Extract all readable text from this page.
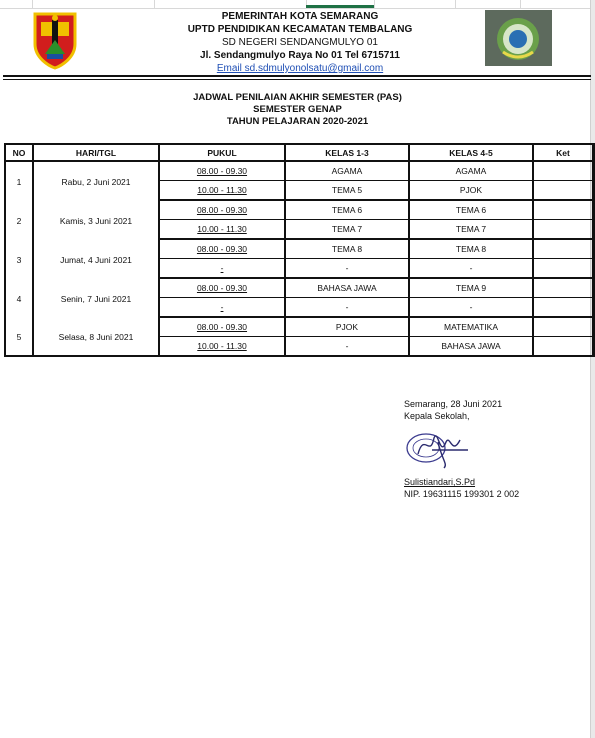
PEMERINTAH KOTA SEMARANG
UPTD PENDIDIKAN KECAMATAN TEMBALANG
SD NEGERI SENDANGMULYO 01
Jl. Sendangmulyo Raya No 01 Tel 6715711
Email sd.sdmulyonolsatu@gmail.com
JADWAL PENILAIAN AKHIR SEMESTER (PAS)
SEMESTER GENAP
TAHUN PELAJARAN 2020-2021
NO	HARI/TGL	PUKUL	KELAS 1-3	KELAS 4-5	Ket
1	Rabu, 2 Juni 2021	08.00 - 09.30	AGAMA	AGAMA	
		10.00 - 11.30	TEMA 5	PJOK	
2	Kamis, 3 Juni 2021	08.00 - 09.30	TEMA 6	TEMA 6	
		10.00 - 11.30	TEMA 7	TEMA 7	
3	Jumat, 4 Juni 2021	08.00 - 09.30	TEMA 8	TEMA 8	
		-	-	-	
4	Senin, 7 Juni 2021	08.00 - 09.30	BAHASA JAWA	TEMA 9	
		-	-	-	
5	Selasa, 8 Juni 2021	08.00 - 09.30	PJOK	MATEMATIKA	
		10.00 - 11.30	-	BAHASA JAWA	
Semarang, 28 Juni 2021
Kepala Sekolah,
Sulistiandari,S.Pd
NIP. 19631115 199301 2 002
